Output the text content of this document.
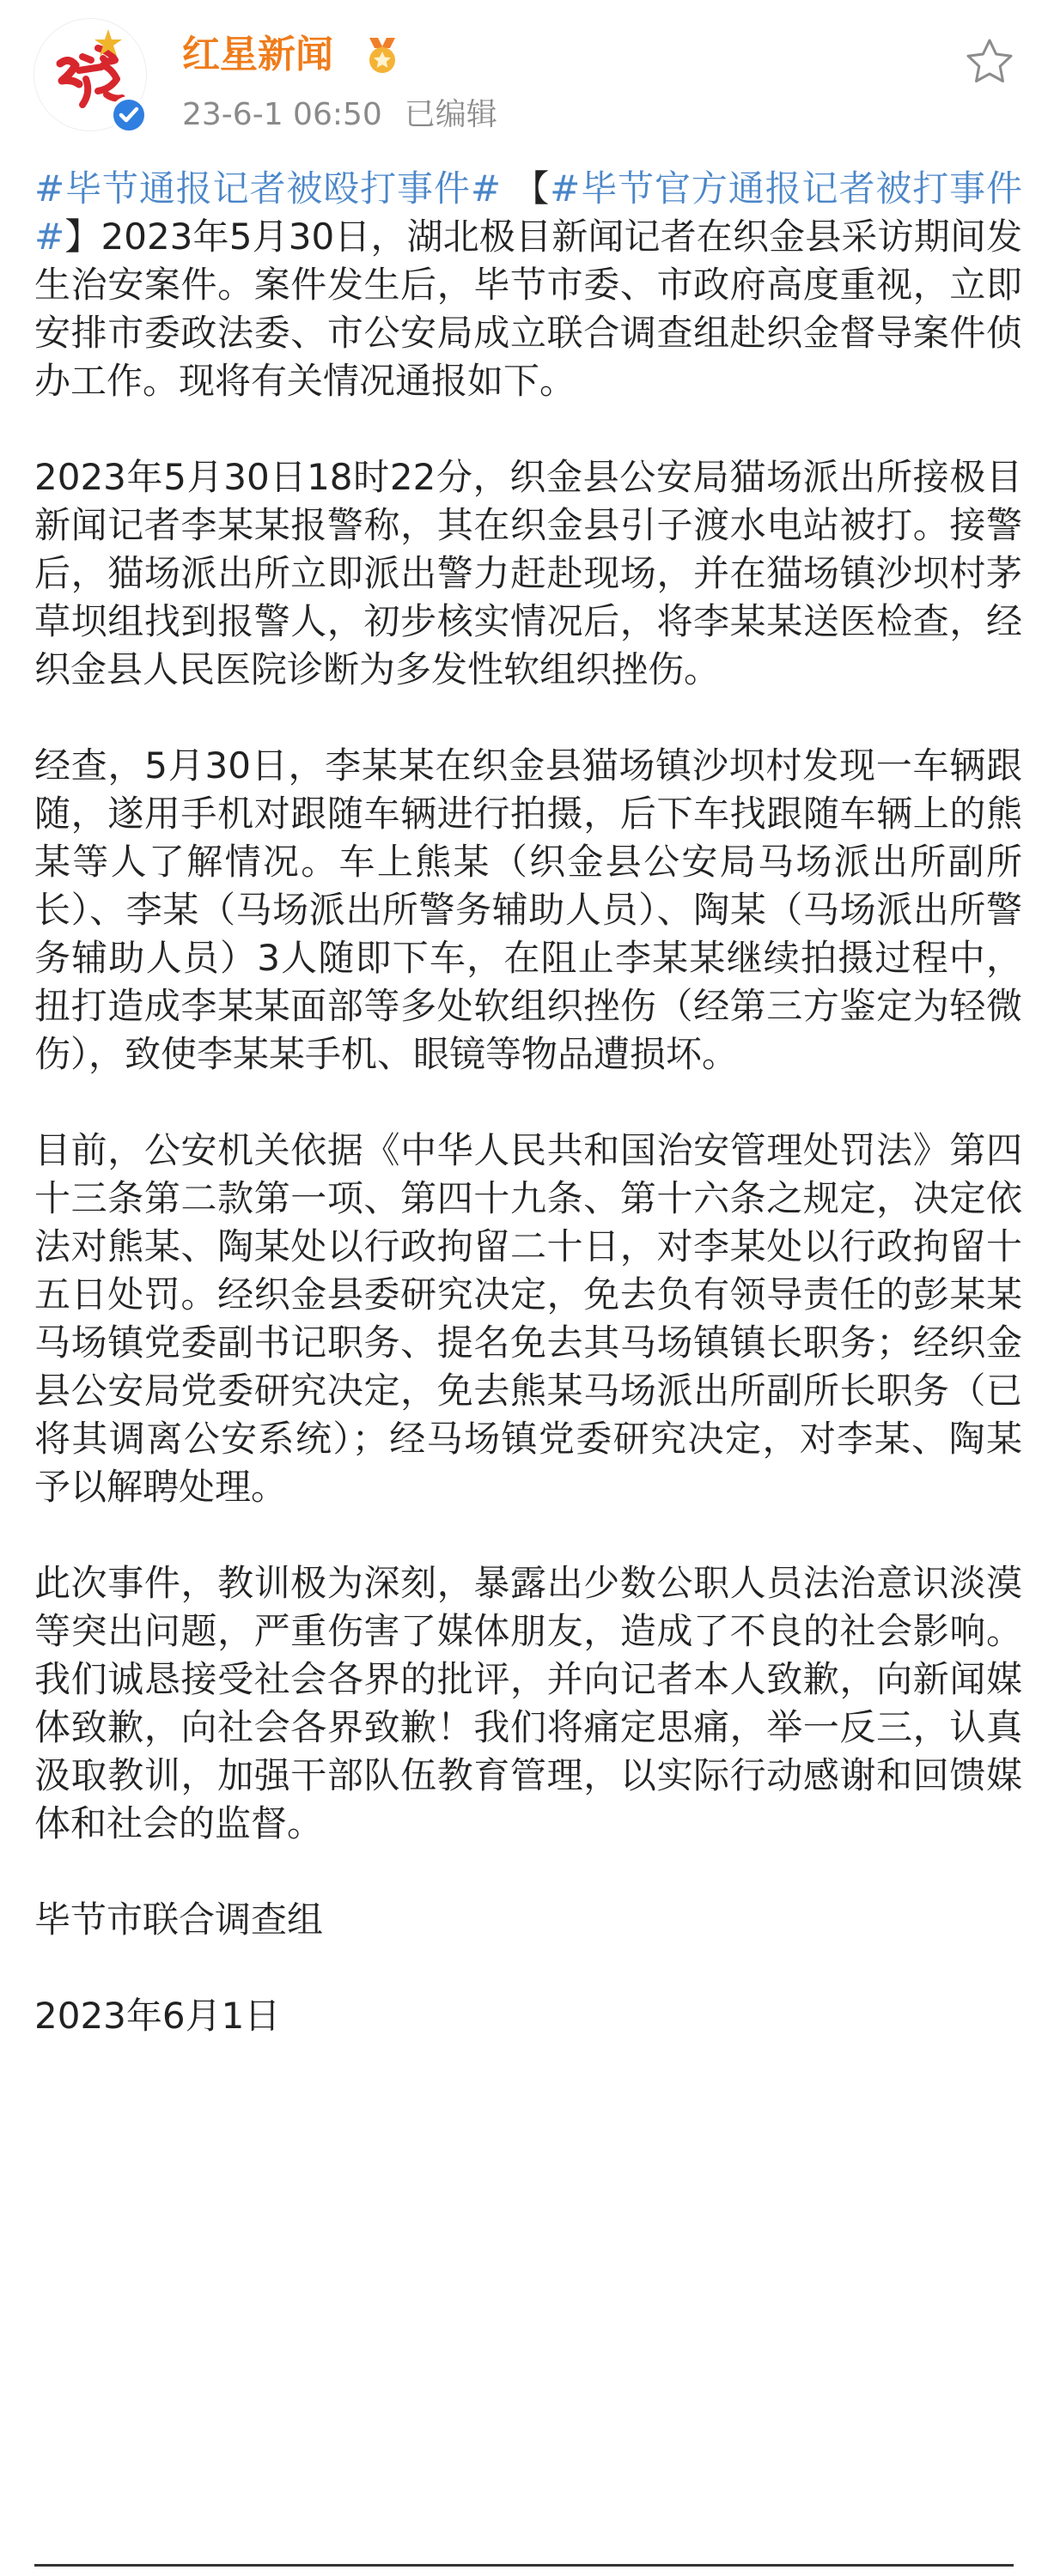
红星新闻
23-6-1 06:50 已编辑

#毕节通报记者被殴打事件# 【#毕节官方通报记者被打事件#】2023年5月30日，湖北极目新闻记者在织金县采访期间发生治安案件。案件发生后，毕节市委、市政府高度重视，立即安排市委政法委、市公安局成立联合调查组赴织金督导案件侦办工作。现将有关情况通报如下。

2023年5月30日18时22分，织金县公安局猫场派出所接极目新闻记者李某某报警称，其在织金县引子渡水电站被打。接警后，猫场派出所立即派出警力赶赴现场，并在猫场镇沙坝村茅草坝组找到报警人，初步核实情况后，将李某某送医检查，经织金县人民医院诊断为多发性软组织挫伤。

经查，5月30日，李某某在织金县猫场镇沙坝村发现一车辆跟随，遂用手机对跟随车辆进行拍摄，后下车找跟随车辆上的熊某等人了解情况。车上熊某（织金县公安局马场派出所副所长）、李某（马场派出所警务辅助人员）、陶某（马场派出所警务辅助人员）3人随即下车，在阻止李某某继续拍摄过程中，扭打造成李某某面部等多处软组织挫伤（经第三方鉴定为轻微伤），致使李某某手机、眼镜等物品遭损坏。

目前，公安机关依据《中华人民共和国治安管理处罚法》第四十三条第二款第一项、第四十九条、第十六条之规定，决定依法对熊某、陶某处以行政拘留二十日，对李某处以行政拘留十五日处罚。经织金县委研究决定，免去负有领导责任的彭某某马场镇党委副书记职务、提名免去其马场镇镇长职务；经织金县公安局党委研究决定，免去熊某马场派出所副所长职务（已将其调离公安系统）；经马场镇党委研究决定，对李某、陶某予以解聘处理。

此次事件，教训极为深刻，暴露出少数公职人员法治意识淡漠等突出问题，严重伤害了媒体朋友，造成了不良的社会影响。我们诚恳接受社会各界的批评，并向记者本人致歉，向新闻媒体致歉，向社会各界致歉！我们将痛定思痛，举一反三，认真汲取教训，加强干部队伍教育管理，以实际行动感谢和回馈媒体和社会的监督。

毕节市联合调查组

2023年6月1日
